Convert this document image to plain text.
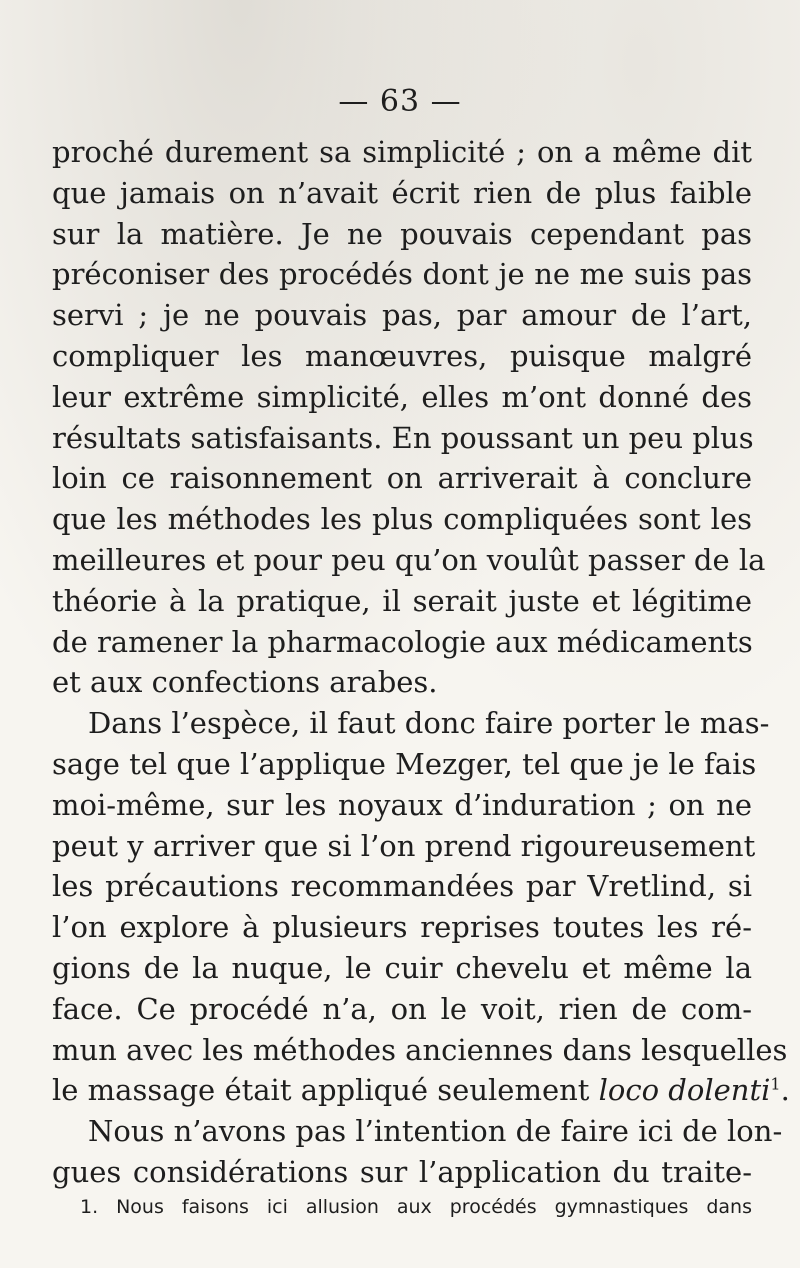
— 63 —
proché durement sa simplicité ; on a même dit
que jamais on n’avait écrit rien de plus faible
sur la matière. Je ne pouvais cependant pas
préconiser des procédés dont je ne me suis pas
servi ; je ne pouvais pas, par amour de l’art,
compliquer les manœuvres, puisque malgré
leur extrême simplicité, elles m’ont donné des
résultats satisfaisants. En poussant un peu plus
loin ce raisonnement on arriverait à conclure
que les méthodes les plus compliquées sont les
meilleures et pour peu qu’on voulût passer de la
théorie à la pratique, il serait juste et légitime
de ramener la pharmacologie aux médicaments
et aux confections arabes.
Dans l’espèce, il faut donc faire porter le mas-
sage tel que l’applique Mezger, tel que je le fais
moi-même, sur les noyaux d’induration ; on ne
peut y arriver que si l’on prend rigoureusement
les précautions recommandées par Vretlind, si
l’on explore à plusieurs reprises toutes les ré-
gions de la nuque, le cuir chevelu et même la
face. Ce procédé n’a, on le voit, rien de com-
mun avec les méthodes anciennes dans lesquelles
le massage était appliqué seulement loco dolenti$^1$.
Nous n’avons pas l’intention de faire ici de lon-
gues considérations sur l’application du traite-
1. Nous faisons ici allusion aux procédés gymnastiques dans
